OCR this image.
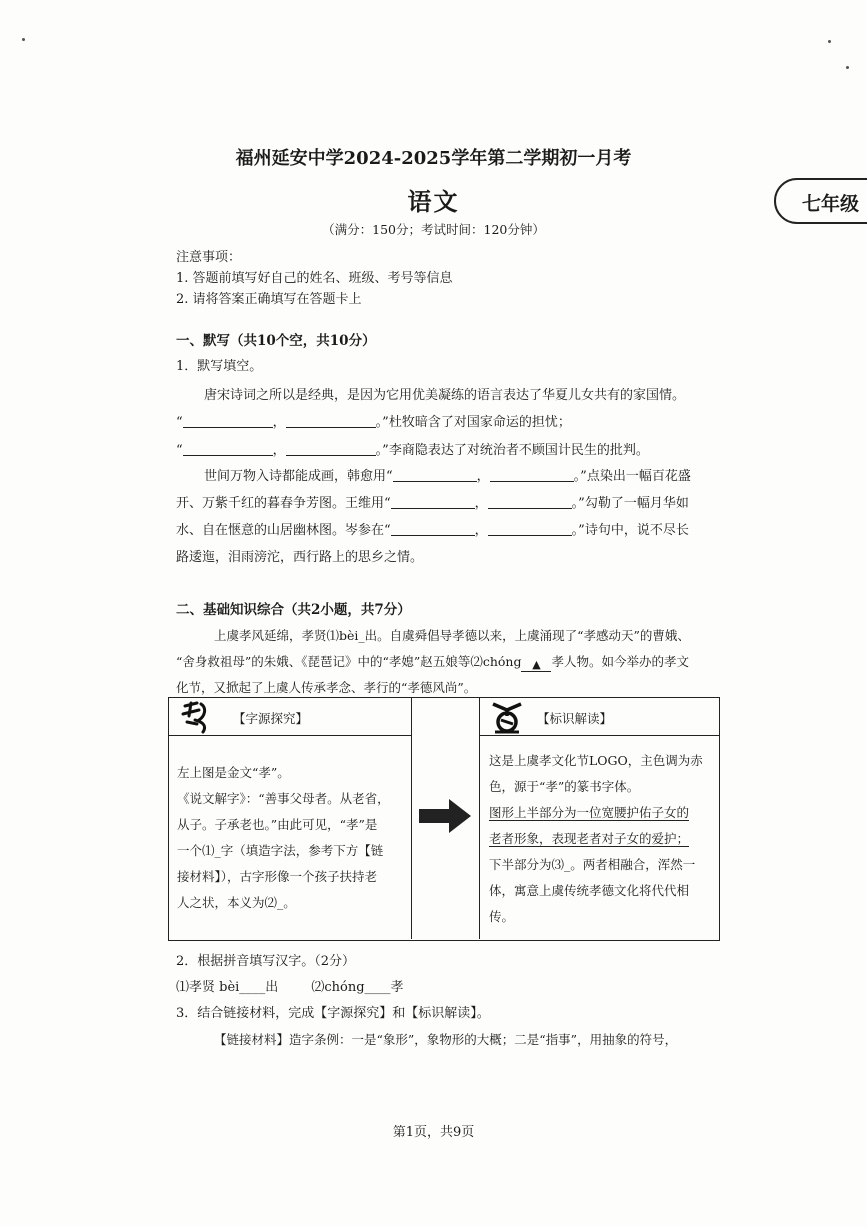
福州延安中学2024-2025学年第二学期初一月考
语文	七年级
（满分：150分；考试时间：120分钟）
注意事项：
1. 答题前填写好自己的姓名、班级、考号等信息
2. 请将答案正确填写在答题卡上
一、默写（共10个空，共10分）
1．默写填空。
唐宋诗词之所以是经典，是因为它用优美凝练的语言表达了华夏儿女共有的家国情。
“	，	。”杜牧暗含了对国家命运的担忧；
“	，	。”李商隐表达了对统治者不顾国计民生的批判。
世间万物入诗都能成画，韩愈用“	，	。”点染出一幅百花盛
开、万紫千红的暮春争芳图。王维用“	，	。”勾勒了一幅月华如
水、自在惬意的山居幽林图。岑参在“	，	。”诗句中，说不尽长
路逶迤，泪雨滂沱，西行路上的思乡之情。
二、基础知识综合（共2小题，共7分）
上虞孝风延绵，孝贤⑴bèi_出。自虞舜倡导孝德以来，上虞涌现了“孝感动天”的曹娥、
“舍身救祖母”的朱娥、《琵琶记》中的“孝媳”赵五娘等⑵chóng ▲ 孝人物。如今举办的孝文
化节，又掀起了上虞人传承孝念、孝行的“孝德风尚”。
【字源探究】	【标识解读】
左上图是金文“孝”。
《说文解字》：“善事父母者。从老省，
从子。子承老也。”由此可见，“孝”是
一个⑴_字（填造字法，参考下方【链
接材料】），古字形像一个孩子扶持老
人之状，本义为⑵_。
这是上虞孝文化节LOGO，主色调为赤
色，源于“孝”的篆书字体。
图形上半部分为一位宽腰护佑子女的
老者形象，表现老者对子女的爱护；
下半部分为⑶_。两者相融合，浑然一
体，寓意上虞传统孝德文化将代代相
传。
2．根据拼音填写汉字。（2分）
⑴孝贤 bèi____出        ⑵chóng____孝
3．结合链接材料，完成【字源探究】和【标识解读】。
【链接材料】造字条例：一是“象形”，象物形的大概；二是“指事”，用抽象的符号，
第1页，共9页
